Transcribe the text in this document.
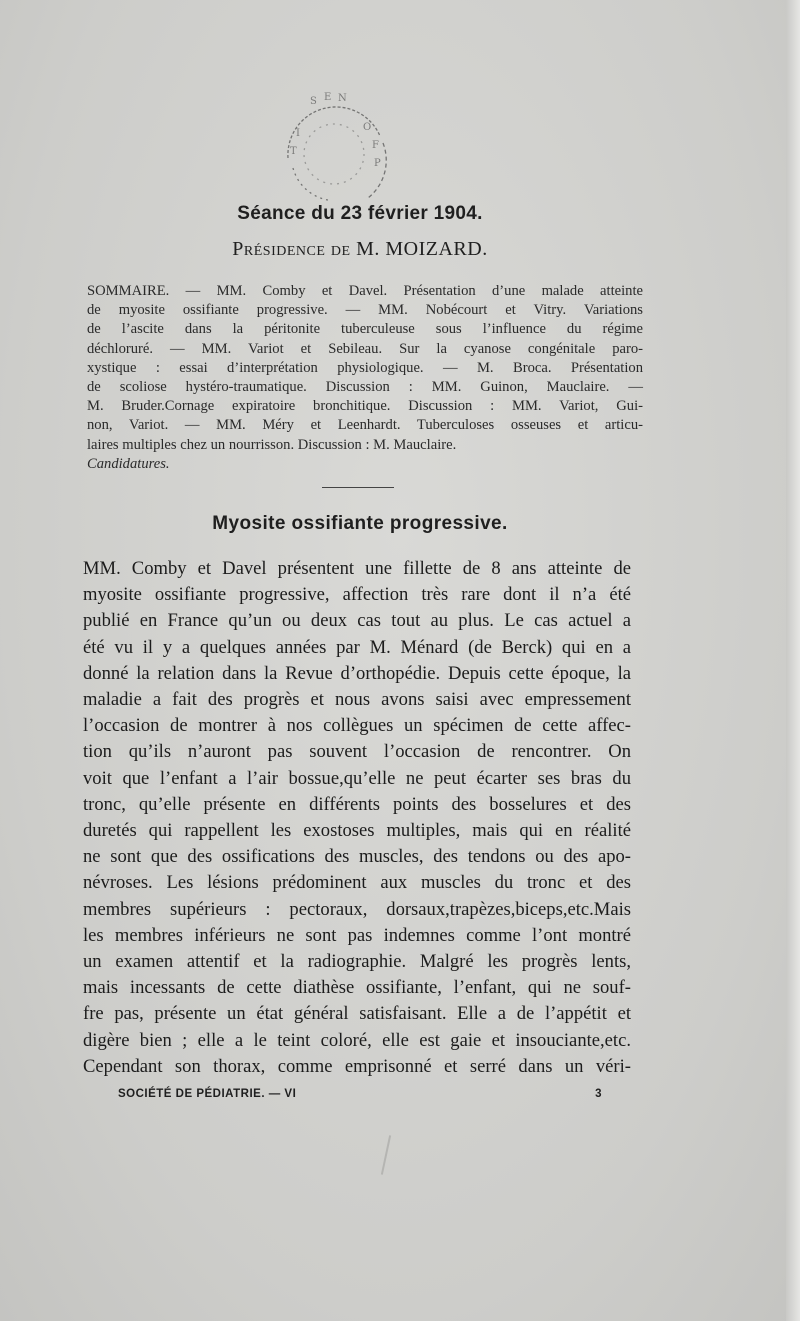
S E N
O
F
P
I
T
Séance du 23 février 1904.
Présidence de M. MOIZARD.
SOMMAIRE. — MM. Comby et Davel. Présentation d’une malade atteinte
de myosite ossifiante progressive. — MM. Nobécourt et Vitry. Variations
de l’ascite dans la péritonite tuberculeuse sous l’influence du régime
déchloruré. — MM. Variot et Sebileau. Sur la cyanose congénitale paro-
xystique : essai d’interprétation physiologique. — M. Broca. Présentation
de scoliose hystéro-traumatique. Discussion : MM. Guinon, Mauclaire. —
M. Bruder.Cornage expiratoire bronchitique. Discussion : MM. Variot, Gui-
non, Variot. — MM. Méry et Leenhardt. Tuberculoses osseuses et articu-
laires multiples chez un nourrisson. Discussion : M. Mauclaire.
Candidatures.
Myosite ossifiante progressive.
MM. Comby et Davel présentent une fillette de 8 ans atteinte de
myosite ossifiante progressive, affection très rare dont il n’a été
publié en France qu’un ou deux cas tout au plus. Le cas actuel a
été vu il y a quelques années par M. Ménard (de Berck) qui en a
donné la relation dans la Revue d’orthopédie. Depuis cette époque, la
maladie a fait des progrès et nous avons saisi avec empressement
l’occasion de montrer à nos collègues un spécimen de cette affec-
tion qu’ils n’auront pas souvent l’occasion de rencontrer. On
voit que l’enfant a l’air bossue,qu’elle ne peut écarter ses bras du
tronc, qu’elle présente en différents points des bosselures et des
duretés qui rappellent les exostoses multiples, mais qui en réalité
ne sont que des ossifications des muscles, des tendons ou des apo-
névroses. Les lésions prédominent aux muscles du tronc et des
membres supérieurs : pectoraux, dorsaux,trapèzes,biceps,etc.Mais
les membres inférieurs ne sont pas indemnes comme l’ont montré
un examen attentif et la radiographie. Malgré les progrès lents,
mais incessants de cette diathèse ossifiante, l’enfant, qui ne souf-
fre pas, présente un état général satisfaisant. Elle a de l’appétit et
digère bien ; elle a le teint coloré, elle est gaie et insouciante,etc.
Cependant son thorax, comme emprisonné et serré dans un véri-
SOCIÉTÉ DE PÉDIATRIE. — VI	3
